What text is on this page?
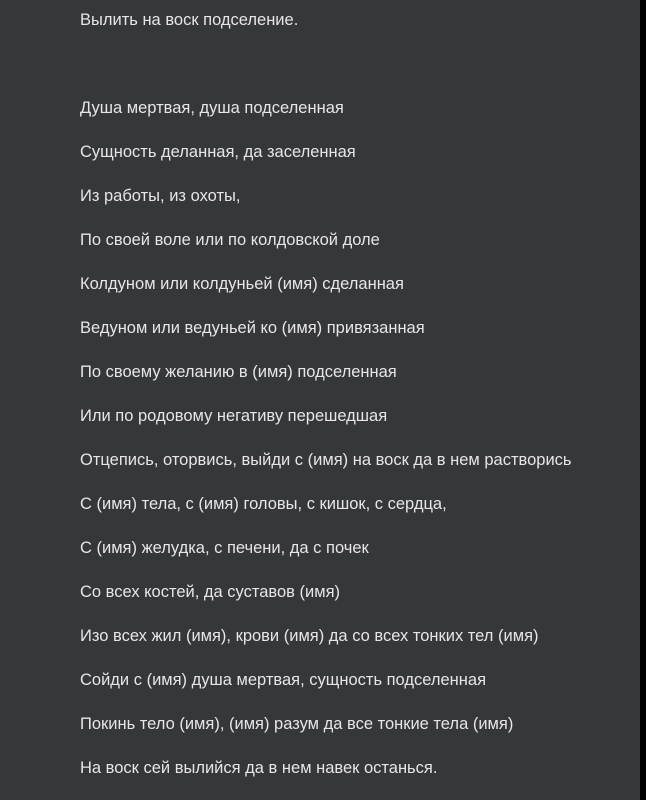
Вылить на воск подселение.

Душа мертвая, душа подселенная

Сущность деланная, да заселенная

Из работы, из охоты,

По своей воле или по колдовской доле

Колдуном или колдуньей (имя) сделанная

Ведуном или ведуньей ко (имя) привязанная

По своему желанию в (имя) подселенная

Или по родовому негативу перешедшая

Отцепись, оторвись, выйди с (имя) на воск да в нем растворись

С (имя) тела, с (имя) головы, с кишок, с сердца,

С (имя) желудка, с печени, да с почек

Со всех костей, да суставов (имя)

Изо всех жил (имя), крови (имя) да со всех тонких тел (имя)

Сойди с (имя) душа мертвая, сущность подселенная

Покинь тело (имя), (имя) разум да все тонкие тела (имя)

На воск сей вылийся да в нем навек останься.
